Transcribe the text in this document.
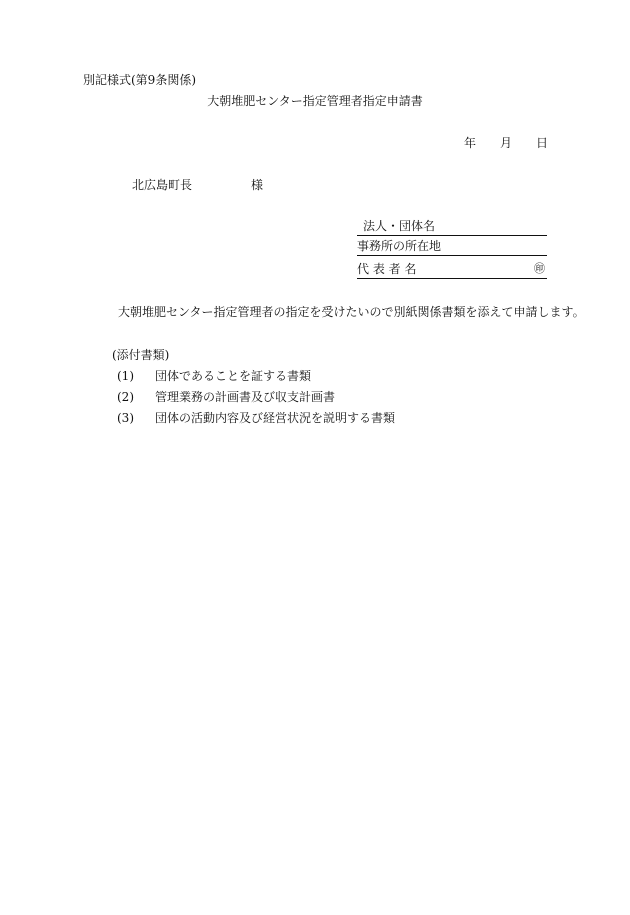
別記様式(第9条関係)
大朝堆肥センター指定管理者指定申請書
年 月 日
北広島町長	様
法人・団体名
事務所の所在地
代 表 者 名	㊞
大朝堆肥センター指定管理者の指定を受けたいので別紙関係書類を添えて申請します。
(添付書類)
(1) 団体であることを証する書類
(2) 管理業務の計画書及び収支計画書
(3) 団体の活動内容及び経営状況を説明する書類
